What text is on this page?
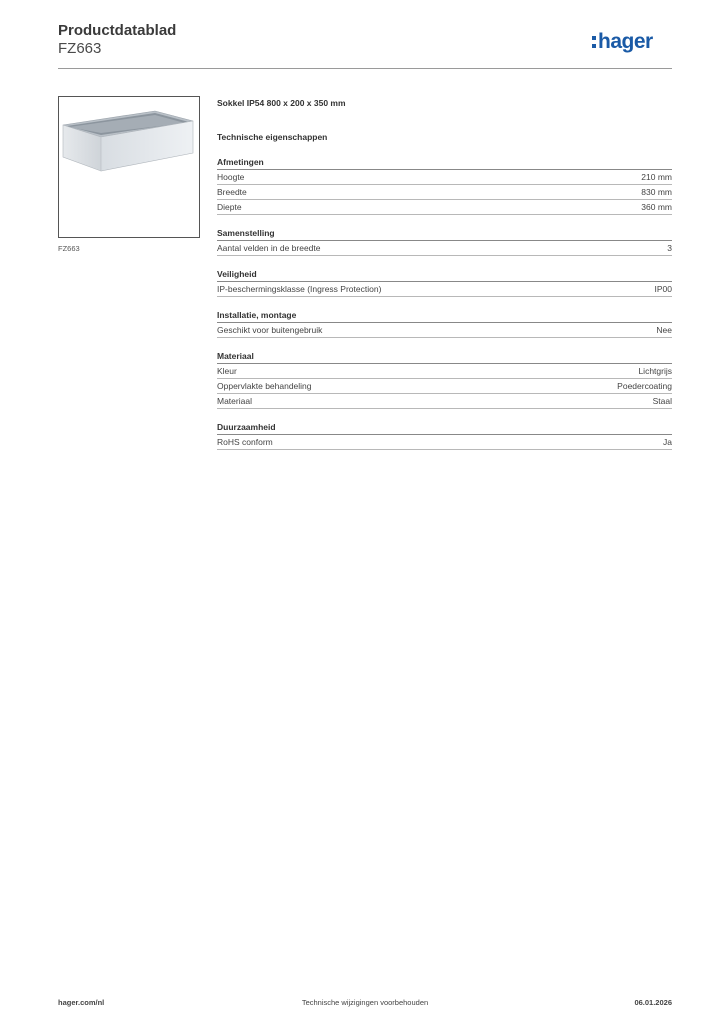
Productdatablad
FZ663	hager
FZ663
Sokkel IP54 800 x 200 x 350 mm
Technische eigenschappen
Afmetingen
Hoogte	210 mm
Breedte	830 mm
Diepte	360 mm
Samenstelling
Aantal velden in de breedte	3
Veiligheid
IP-beschermingsklasse (Ingress Protection)	IP00
Installatie, montage
Geschikt voor buitengebruik	Nee
Materiaal
Kleur	Lichtgrijs
Oppervlakte behandeling	Poedercoating
Materiaal	Staal
Duurzaamheid
RoHS conform	Ja
hager.com/nl	Technische wijzigingen voorbehouden	06.01.2026
